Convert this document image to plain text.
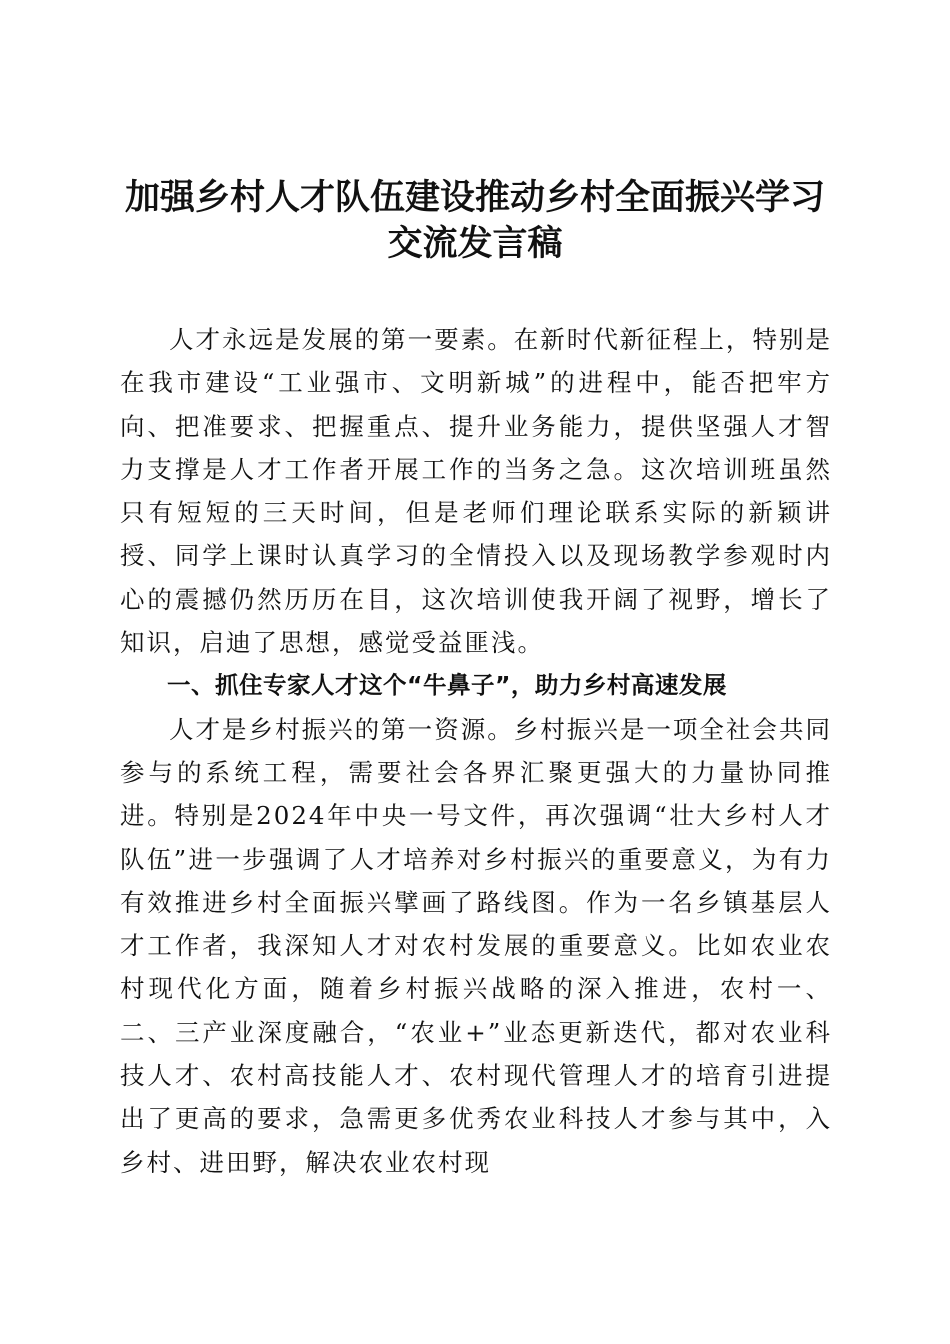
加强乡村人才队伍建设推动乡村全面振兴学习
交流发言稿

人才永远是发展的第一要素。在新时代新征程上，特别是在我市建设“工业强市、文明新城”的进程中，能否把牢方向、把准要求、把握重点、提升业务能力，提供坚强人才智力支撑是人才工作者开展工作的当务之急。这次培训班虽然只有短短的三天时间，但是老师们理论联系实际的新颖讲授、同学上课时认真学习的全情投入以及现场教学参观时内心的震撼仍然历历在目，这次培训使我开阔了视野，增长了知识，启迪了思想，感觉受益匪浅。

一、抓住专家人才这个“牛鼻子”，助力乡村高速发展

人才是乡村振兴的第一资源。乡村振兴是一项全社会共同参与的系统工程，需要社会各界汇聚更强大的力量协同推进。特别是2024年中央一号文件，再次强调“壮大乡村人才队伍”进一步强调了人才培养对乡村振兴的重要意义，为有力有效推进乡村全面振兴擘画了路线图。作为一名乡镇基层人才工作者，我深知人才对农村发展的重要意义。比如农业农村现代化方面，随着乡村振兴战略的深入推进，农村一、二、三产业深度融合，“农业+”业态更新迭代，都对农业科技人才、农村高技能人才、农村现代管理人才的培育引进提出了更高的要求，急需更多优秀农业科技人才参与其中，入乡村、进田野，解决农业农村现
